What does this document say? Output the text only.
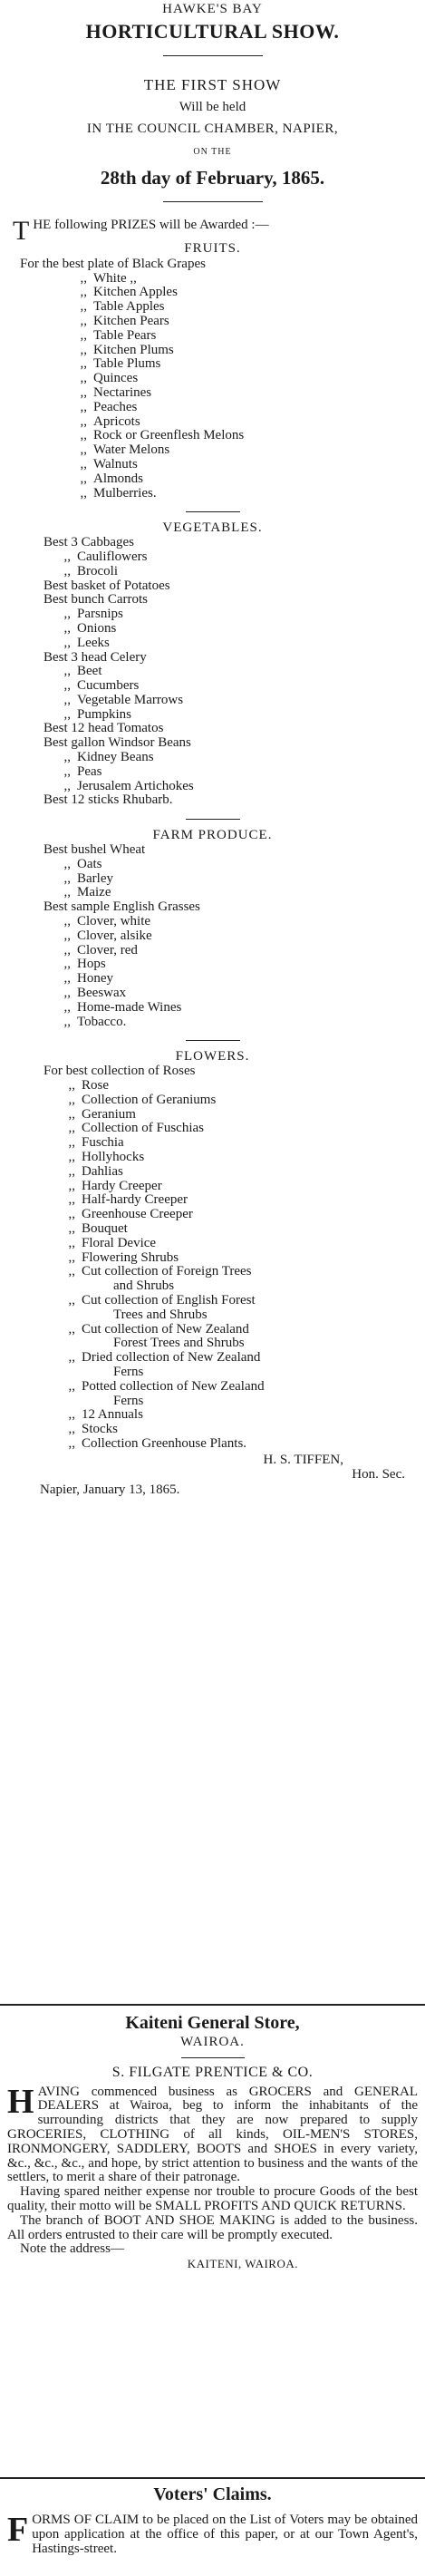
HAWKE'S BAY
HORTICULTURAL SHOW.
THE FIRST SHOW
Will be held
IN THE COUNCIL CHAMBER, NAPIER,
ON THE
28th day of February, 1865.
T HE following PRIZES will be Awarded :—
FRUITS.
For the best plate of Black Grapes
,, White ,,
,, Kitchen Apples
,, Table Apples
,, Kitchen Pears
,, Table Pears
,, Kitchen Plums
,, Table Plums
,, Quinces
,, Nectarines
,, Peaches
,, Apricots
,, Rock or Greenflesh Melons
,, Water Melons
,, Walnuts
,, Almonds
,, Mulberries.
VEGETABLES.
Best 3 Cabbages
,, Cauliflowers
,, Brocoli
Best basket of Potatoes
Best bunch Carrots
,, Parsnips
,, Onions
,, Leeks
Best 3 head Celery
,, Beet
,, Cucumbers
,, Vegetable Marrows
,, Pumpkins
Best 12 head Tomatos
Best gallon Windsor Beans
,, Kidney Beans
,, Peas
,, Jerusalem Artichokes
Best 12 sticks Rhubarb.
FARM PRODUCE.
Best bushel Wheat
,, Oats
,, Barley
,, Maize
Best sample English Grasses
,, Clover, white
,, Clover, alsike
,, Clover, red
,, Hops
,, Honey
,, Beeswax
,, Home-made Wines
,, Tobacco.
FLOWERS.
For best collection of Roses
,, Rose
,, Collection of Geraniums
,, Geranium
,, Collection of Fuschias
,, Fuschia
,, Hollyhocks
,, Dahlias
,, Hardy Creeper
,, Half-hardy Creeper
,, Greenhouse Creeper
,, Bouquet
,, Floral Device
,, Flowering Shrubs
,, Cut collection of Foreign Trees
and Shrubs
,, Cut collection of English Forest
Trees and Shrubs
,, Cut collection of New Zealand
Forest Trees and Shrubs
,, Dried collection of New Zealand
Ferns
,, Potted collection of New Zealand
Ferns
,, 12 Annuals
,, Stocks
,, Collection Greenhouse Plants.
H. S. TIFFEN,
Hon. Sec.
Napier, January 13, 1865.
Kaiteni General Store,
WAIROA.
S. FILGATE PRENTICE & CO.
H AVING commenced business as GROCERS and GENERAL DEALERS at Wairoa, beg to inform the inhabitants of the surrounding districts that they are now prepared to supply GROCERIES, CLOTHING of all kinds, OIL-MEN'S STORES, IRONMONGERY, SADDLERY, BOOTS and SHOES in every variety, &c., &c., &c., and hope, by strict attention to business and the wants of the settlers, to merit a share of their patronage.
Having spared neither expense nor trouble to procure Goods of the best quality, their motto will be SMALL PROFITS AND QUICK RETURNS.
The branch of BOOT AND SHOE MAKING is added to the business. All orders entrusted to their care will be promptly executed.
Note the address—
KAITENI, WAIROA.
Voters' Claims.
F ORMS OF CLAIM to be placed on the List of Voters may be obtained upon application at the office of this paper, or at our Town Agent's, Hastings-street.
